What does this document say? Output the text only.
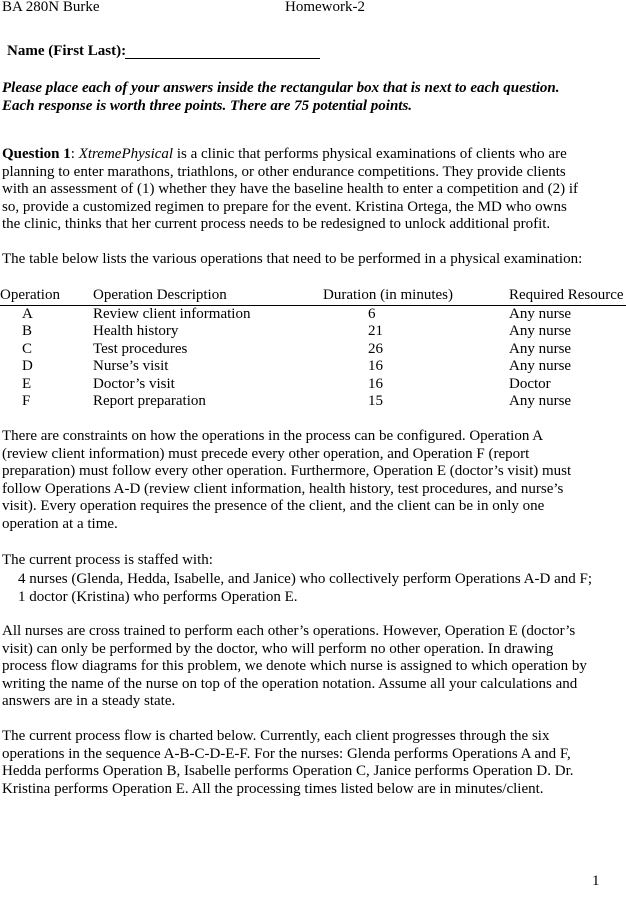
BA 280N Burke	Homework-2
Name (First Last):
Please place each of your answers inside the rectangular box that is next to each question.
Each response is worth three points. There are 75 potential points.
Question 1: XtremePhysical is a clinic that performs physical examinations of clients who are
planning to enter marathons, triathlons, or other endurance competitions. They provide clients
with an assessment of (1) whether they have the baseline health to enter a competition and (2) if
so, provide a customized regimen to prepare for the event. Kristina Ortega, the MD who owns
the clinic, thinks that her current process needs to be redesigned to unlock additional profit.
The table below lists the various operations that need to be performed in a physical examination:
Operation	Operation Description	Duration (in minutes)	Required Resource
A	Review client information	6	Any nurse
B	Health history	21	Any nurse
C	Test procedures	26	Any nurse
D	Nurse’s visit	16	Any nurse
E	Doctor’s visit	16	Doctor
F	Report preparation	15	Any nurse
There are constraints on how the operations in the process can be configured. Operation A
(review client information) must precede every other operation, and Operation F (report
preparation) must follow every other operation. Furthermore, Operation E (doctor’s visit) must
follow Operations A-D (review client information, health history, test procedures, and nurse’s
visit). Every operation requires the presence of the client, and the client can be in only one
operation at a time.
The current process is staffed with:
4 nurses (Glenda, Hedda, Isabelle, and Janice) who collectively perform Operations A-D and F;
1 doctor (Kristina) who performs Operation E.
All nurses are cross trained to perform each other’s operations. However, Operation E (doctor’s
visit) can only be performed by the doctor, who will perform no other operation. In drawing
process flow diagrams for this problem, we denote which nurse is assigned to which operation by
writing the name of the nurse on top of the operation notation. Assume all your calculations and
answers are in a steady state.
The current process flow is charted below. Currently, each client progresses through the six
operations in the sequence A-B-C-D-E-F. For the nurses: Glenda performs Operations A and F,
Hedda performs Operation B, Isabelle performs Operation C, Janice performs Operation D. Dr.
Kristina performs Operation E. All the processing times listed below are in minutes/client.
1
